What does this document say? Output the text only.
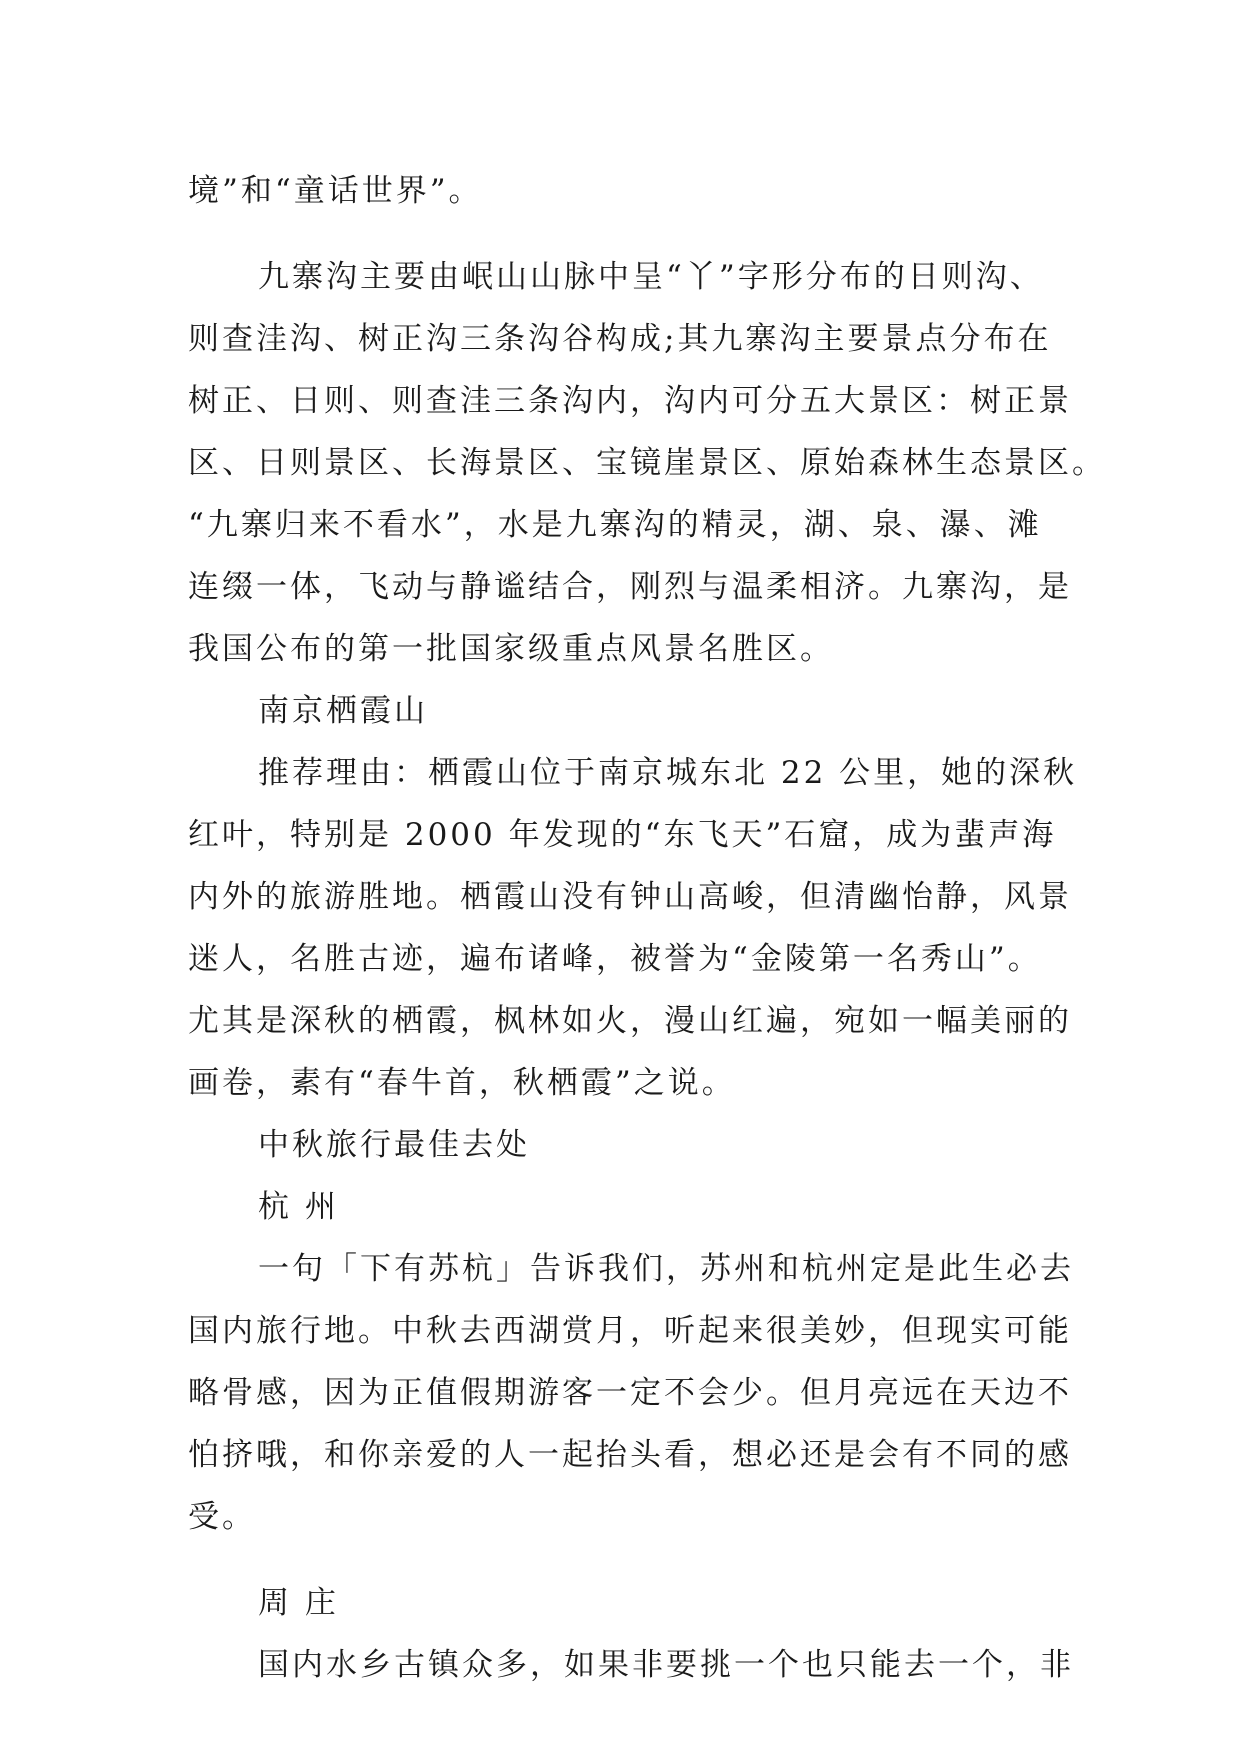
境”和“童话世界”。
九寨沟主要由岷山山脉中呈“丫”字形分布的日则沟、
则查洼沟、树正沟三条沟谷构成;其九寨沟主要景点分布在
树正、日则、则查洼三条沟内，沟内可分五大景区：树正景
区、日则景区、长海景区、宝镜崖景区、原始森林生态景区。
“九寨归来不看水”，水是九寨沟的精灵，湖、泉、瀑、滩
连缀一体，飞动与静谧结合，刚烈与温柔相济。九寨沟，是
我国公布的第一批国家级重点风景名胜区。
南京栖霞山
推荐理由：栖霞山位于南京城东北 22 公里，她的深秋
红叶，特别是 2000 年发现的“东飞天”石窟，成为蜚声海
内外的旅游胜地。栖霞山没有钟山高峻，但清幽怡静，风景
迷人，名胜古迹，遍布诸峰，被誉为“金陵第一名秀山”。
尤其是深秋的栖霞，枫林如火，漫山红遍，宛如一幅美丽的
画卷，素有“春牛首，秋栖霞”之说。
中秋旅行最佳去处
杭 州
一句「下有苏杭」告诉我们，苏州和杭州定是此生必去
国内旅行地。中秋去西湖赏月，听起来很美妙，但现实可能
略骨感，因为正值假期游客一定不会少。但月亮远在天边不
怕挤哦，和你亲爱的人一起抬头看，想必还是会有不同的感
受。
周 庄
国内水乡古镇众多，如果非要挑一个也只能去一个，非
